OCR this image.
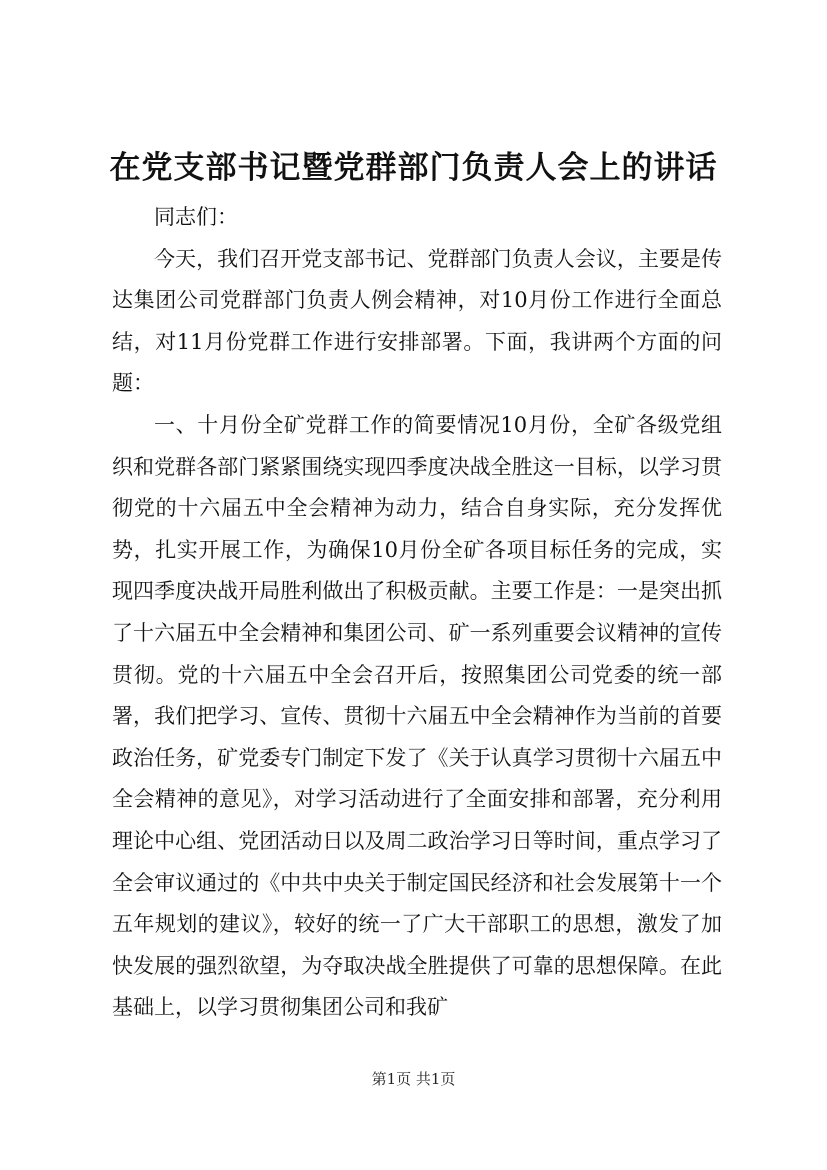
在党支部书记暨党群部门负责人会上的讲话

同志们：

今天，我们召开党支部书记、党群部门负责人会议，主要是传达集团公司党群部门负责人例会精神，对10月份工作进行全面总结，对11月份党群工作进行安排部署。下面，我讲两个方面的问题：

一、十月份全矿党群工作的简要情况10月份，全矿各级党组织和党群各部门紧紧围绕实现四季度决战全胜这一目标，以学习贯彻党的十六届五中全会精神为动力，结合自身实际，充分发挥优势，扎实开展工作，为确保10月份全矿各项目标任务的完成，实现四季度决战开局胜利做出了积极贡献。主要工作是：一是突出抓了十六届五中全会精神和集团公司、矿一系列重要会议精神的宣传贯彻。党的十六届五中全会召开后，按照集团公司党委的统一部署，我们把学习、宣传、贯彻十六届五中全会精神作为当前的首要政治任务，矿党委专门制定下发了《关于认真学习贯彻十六届五中全会精神的意见》，对学习活动进行了全面安排和部署，充分利用理论中心组、党团活动日以及周二政治学习日等时间，重点学习了全会审议通过的《中共中央关于制定国民经济和社会发展第十一个五年规划的建议》，较好的统一了广大干部职工的思想，激发了加快发展的强烈欲望，为夺取决战全胜提供了可靠的思想保障。在此基础上，以学习贯彻集团公司和我矿

第1页 共1页
